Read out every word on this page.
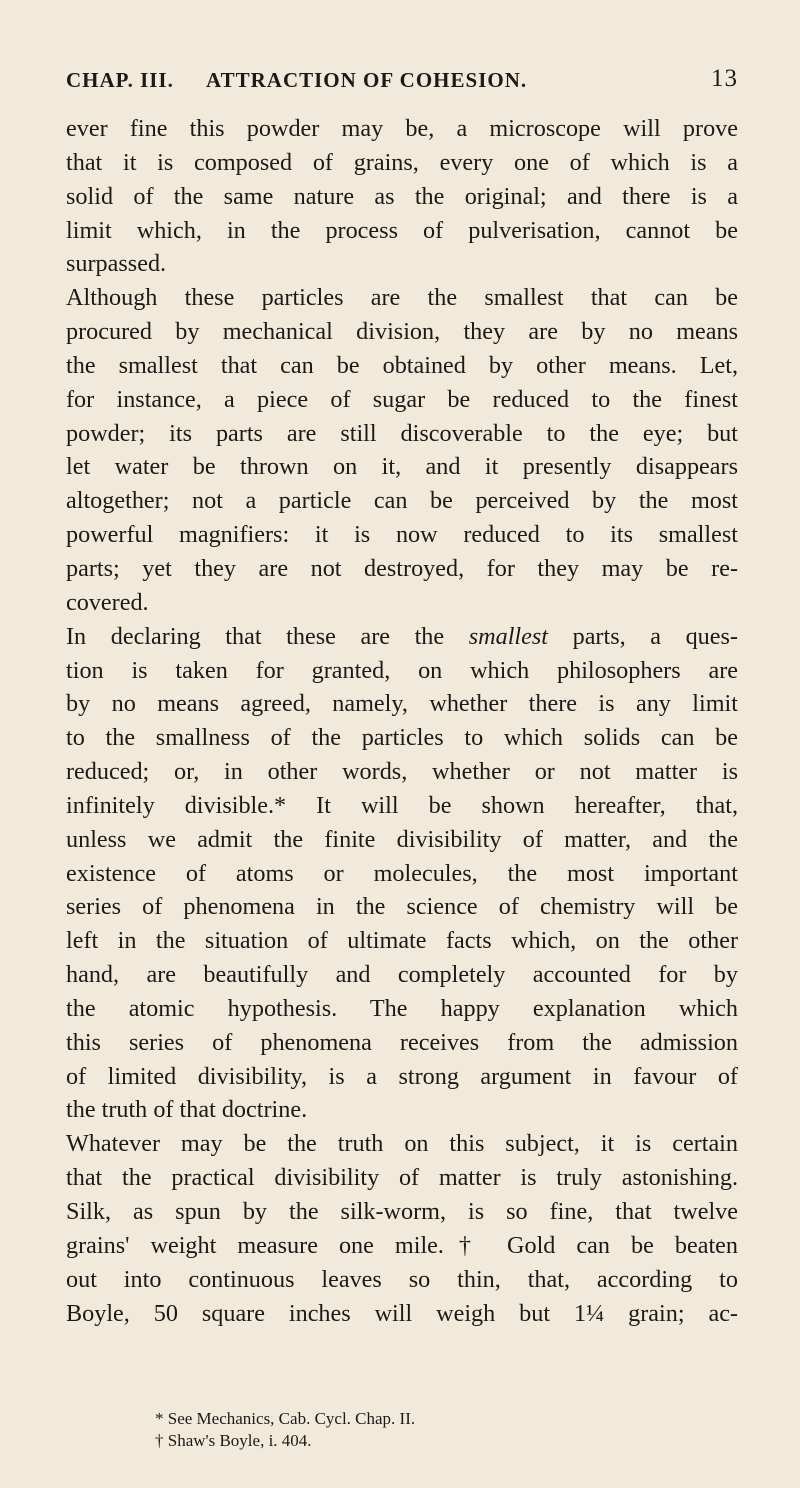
CHAP. III. ATTRACTION OF COHESION.	13
ever fine this powder may be, a microscope will prove
that it is composed of grains, every one of which is a
solid of the same nature as the original; and there is a
limit which, in the process of pulverisation, cannot be
surpassed.
Although these particles are the smallest that can be
procured by mechanical division, they are by no means
the smallest that can be obtained by other means. Let,
for instance, a piece of sugar be reduced to the finest
powder; its parts are still discoverable to the eye; but
let water be thrown on it, and it presently disappears
altogether; not a particle can be perceived by the most
powerful magnifiers: it is now reduced to its smallest
parts; yet they are not destroyed, for they may be re-
covered.
In declaring that these are the smallest parts, a ques-
tion is taken for granted, on which philosophers are
by no means agreed, namely, whether there is any limit
to the smallness of the particles to which solids can be
reduced; or, in other words, whether or not matter is
infinitely divisible.* It will be shown hereafter, that,
unless we admit the finite divisibility of matter, and the
existence of atoms or molecules, the most important
series of phenomena in the science of chemistry will be
left in the situation of ultimate facts which, on the other
hand, are beautifully and completely accounted for by
the atomic hypothesis. The happy explanation which
this series of phenomena receives from the admission
of limited divisibility, is a strong argument in favour of
the truth of that doctrine.
Whatever may be the truth on this subject, it is certain
that the practical divisibility of matter is truly astonishing.
Silk, as spun by the silk-worm, is so fine, that twelve
grains' weight measure one mile.† Gold can be beaten
out into continuous leaves so thin, that, according to
Boyle, 50 square inches will weigh but 1¼ grain; ac-
* See Mechanics, Cab. Cycl. Chap. II.
† Shaw's Boyle, i. 404.
